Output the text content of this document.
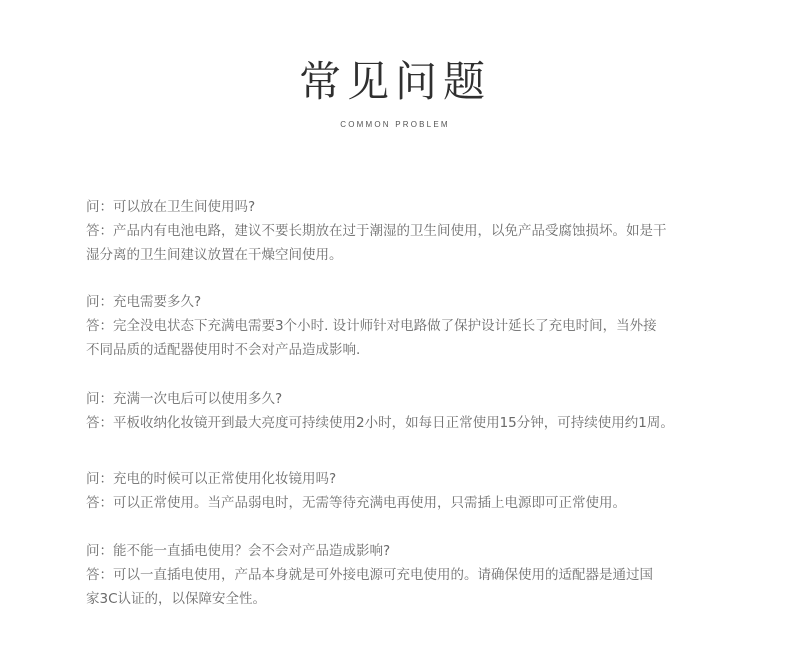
常见问题
COMMON PROBLEM

问：可以放在卫生间使用吗?

答：产品内有电池电路，建议不要长期放在过于潮湿的卫生间使用，以免产品受腐蚀损坏。如是干

湿分离的卫生间建议放置在干燥空间使用。

问：充电需要多久?

答：完全没电状态下充满电需要3个小时. 设计师针对电路做了保护设计延长了充电时间，当外接

不同品质的适配器使用时不会对产品造成影响.

问：充满一次电后可以使用多久?

答：平板收纳化妆镜开到最大亮度可持续使用2小时，如每日正常使用15分钟，可持续使用约1周。

问：充电的时候可以正常使用化妆镜用吗?

答：可以正常使用。当产品弱电时，无需等待充满电再使用，只需插上电源即可正常使用。

问：能不能一直插电使用？会不会对产品造成影响?

答：可以一直插电使用，产品本身就是可外接电源可充电使用的。请确保使用的适配器是通过国

家3C认证的，以保障安全性。
